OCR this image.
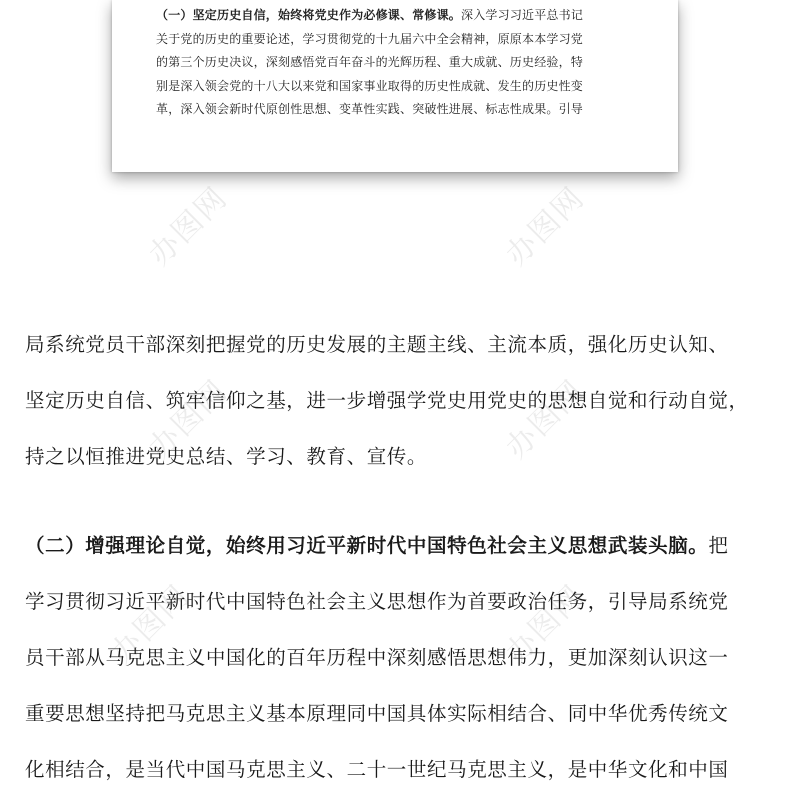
（一）坚定历史自信，始终将党史作为必修课、常修课。深入学习习近平总书记
关于党的历史的重要论述，学习贯彻党的十九届六中全会精神，原原本本学习党
的第三个历史决议，深刻感悟党百年奋斗的光辉历程、重大成就、历史经验，特
别是深入领会党的十八大以来党和国家事业取得的历史性成就、发生的历史性变
革，深入领会新时代原创性思想、变革性实践、突破性进展、标志性成果。引导
办图网	办图网
办图网	办图网
办图网	办图网
局系统党员干部深刻把握党的历史发展的主题主线、主流本质，强化历史认知、
坚定历史自信、筑牢信仰之基，进一步增强学党史用党史的思想自觉和行动自觉，
持之以恒推进党史总结、学习、教育、宣传。
（二）增强理论自觉，始终用习近平新时代中国特色社会主义思想武装头脑。把
学习贯彻习近平新时代中国特色社会主义思想作为首要政治任务，引导局系统党
员干部从马克思主义中国化的百年历程中深刻感悟思想伟力，更加深刻认识这一
重要思想坚持把马克思主义基本原理同中国具体实际相结合、同中华优秀传统文
化相结合，是当代中国马克思主义、二十一世纪马克思主义，是中华文化和中国
